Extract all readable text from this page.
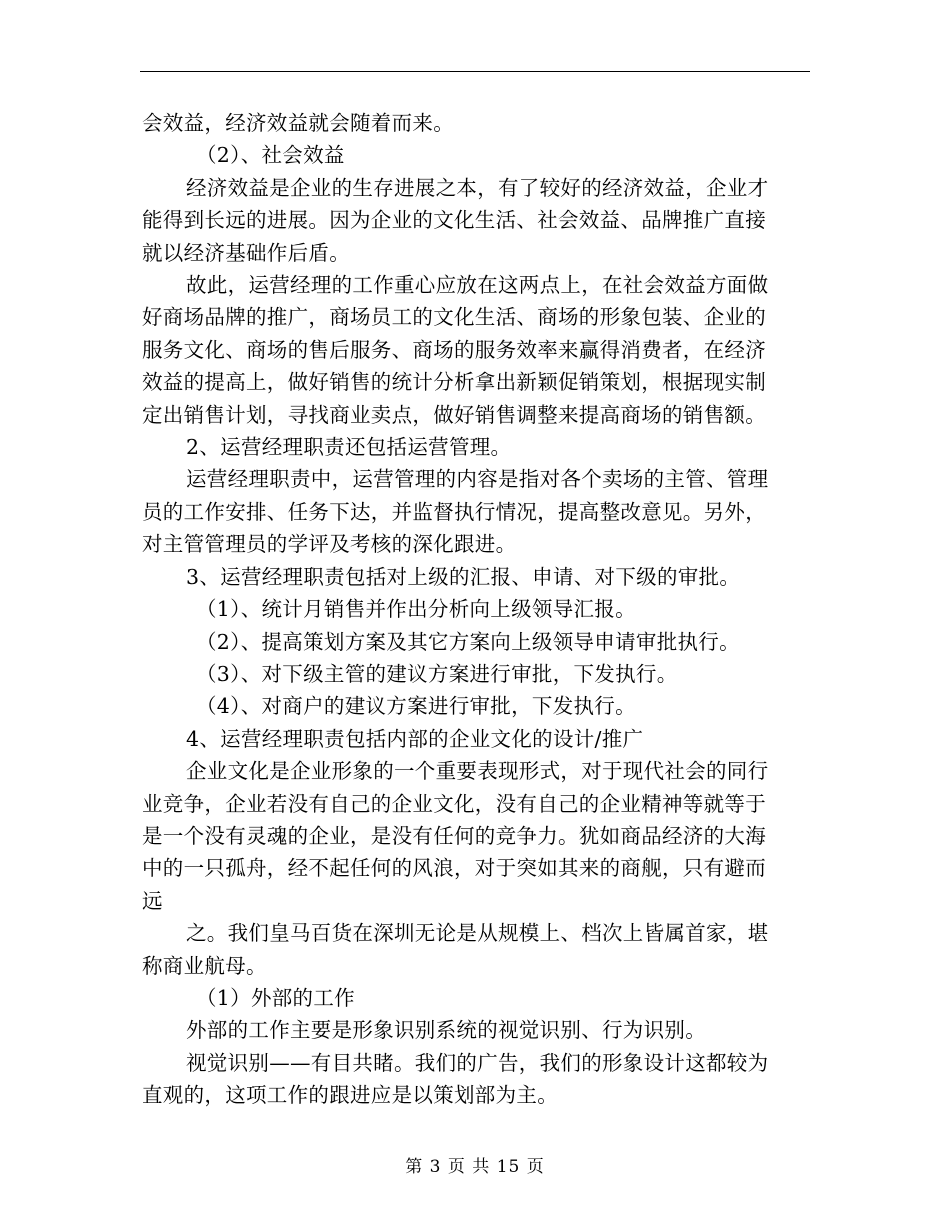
会效益，经济效益就会随着而来。

（2）、社会效益

经济效益是企业的生存进展之本，有了较好的经济效益，企业才

能得到长远的进展。因为企业的文化生活、社会效益、品牌推广直接

就以经济基础作后盾。

故此，运营经理的工作重心应放在这两点上，在社会效益方面做

好商场品牌的推广，商场员工的文化生活、商场的形象包装、企业的

服务文化、商场的售后服务、商场的服务效率来赢得消费者，在经济

效益的提高上，做好销售的统计分析拿出新颖促销策划，根据现实制

定出销售计划，寻找商业卖点，做好销售调整来提高商场的销售额。

2、运营经理职责还包括运营管理。

运营经理职责中，运营管理的内容是指对各个卖场的主管、管理

员的工作安排、任务下达，并监督执行情况，提高整改意见。另外，

对主管管理员的学评及考核的深化跟进。

3、运营经理职责包括对上级的汇报、申请、对下级的审批。

（1）、统计月销售并作出分析向上级领导汇报。

（2）、提高策划方案及其它方案向上级领导申请审批执行。

（3）、对下级主管的建议方案进行审批，下发执行。

（4）、对商户的建议方案进行审批，下发执行。

4、运营经理职责包括内部的企业文化的设计/推广

企业文化是企业形象的一个重要表现形式，对于现代社会的同行

业竞争，企业若没有自己的企业文化，没有自己的企业精神等就等于

是一个没有灵魂的企业，是没有任何的竞争力。犹如商品经济的大海

中的一只孤舟，经不起任何的风浪，对于突如其来的商舰，只有避而

远

之。我们皇马百货在深圳无论是从规模上、档次上皆属首家，堪

称商业航母。

（1）外部的工作

外部的工作主要是形象识别系统的视觉识别、行为识别。

视觉识别——有目共睹。我们的广告，我们的形象设计这都较为

直观的，这项工作的跟进应是以策划部为主。

第 3 页 共 15 页
